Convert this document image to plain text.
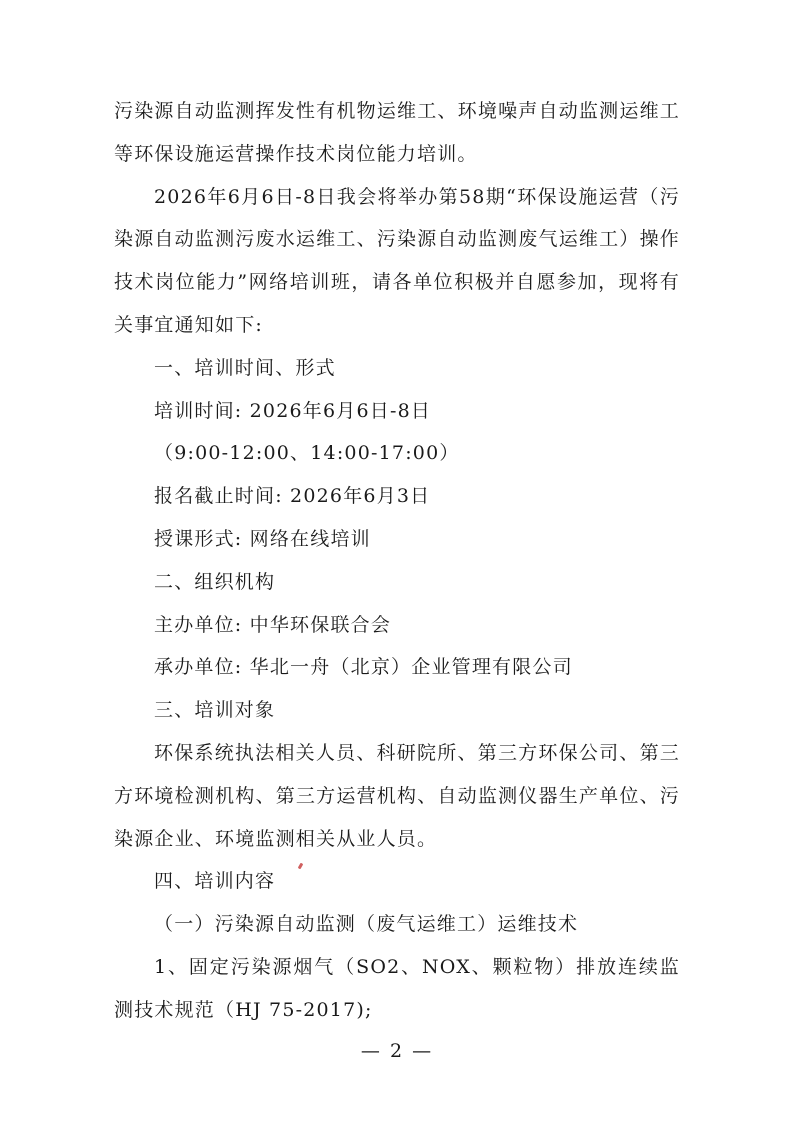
污染源自动监测挥发性有机物运维工、环境噪声自动监测运维工等环保设施运营操作技术岗位能力培训。

2026年6月6日-8日我会将举办第58期“环保设施运营（污染源自动监测污废水运维工、污染源自动监测废气运维工）操作技术岗位能力”网络培训班，请各单位积极并自愿参加，现将有关事宜通知如下:

一、培训时间、形式

培训时间: 2026年6月6日-8日

（9:00-12:00、14:00-17:00）

报名截止时间: 2026年6月3日

授课形式: 网络在线培训

二、组织机构

主办单位: 中华环保联合会

承办单位: 华北一舟（北京）企业管理有限公司

三、培训对象

环保系统执法相关人员、科研院所、第三方环保公司、第三方环境检测机构、第三方运营机构、自动监测仪器生产单位、污染源企业、环境监测相关从业人员。

四、培训内容

（一）污染源自动监测（废气运维工）运维技术

1、固定污染源烟气（SO2、NOX、颗粒物）排放连续监测技术规范（HJ 75-2017);

— 2 —
